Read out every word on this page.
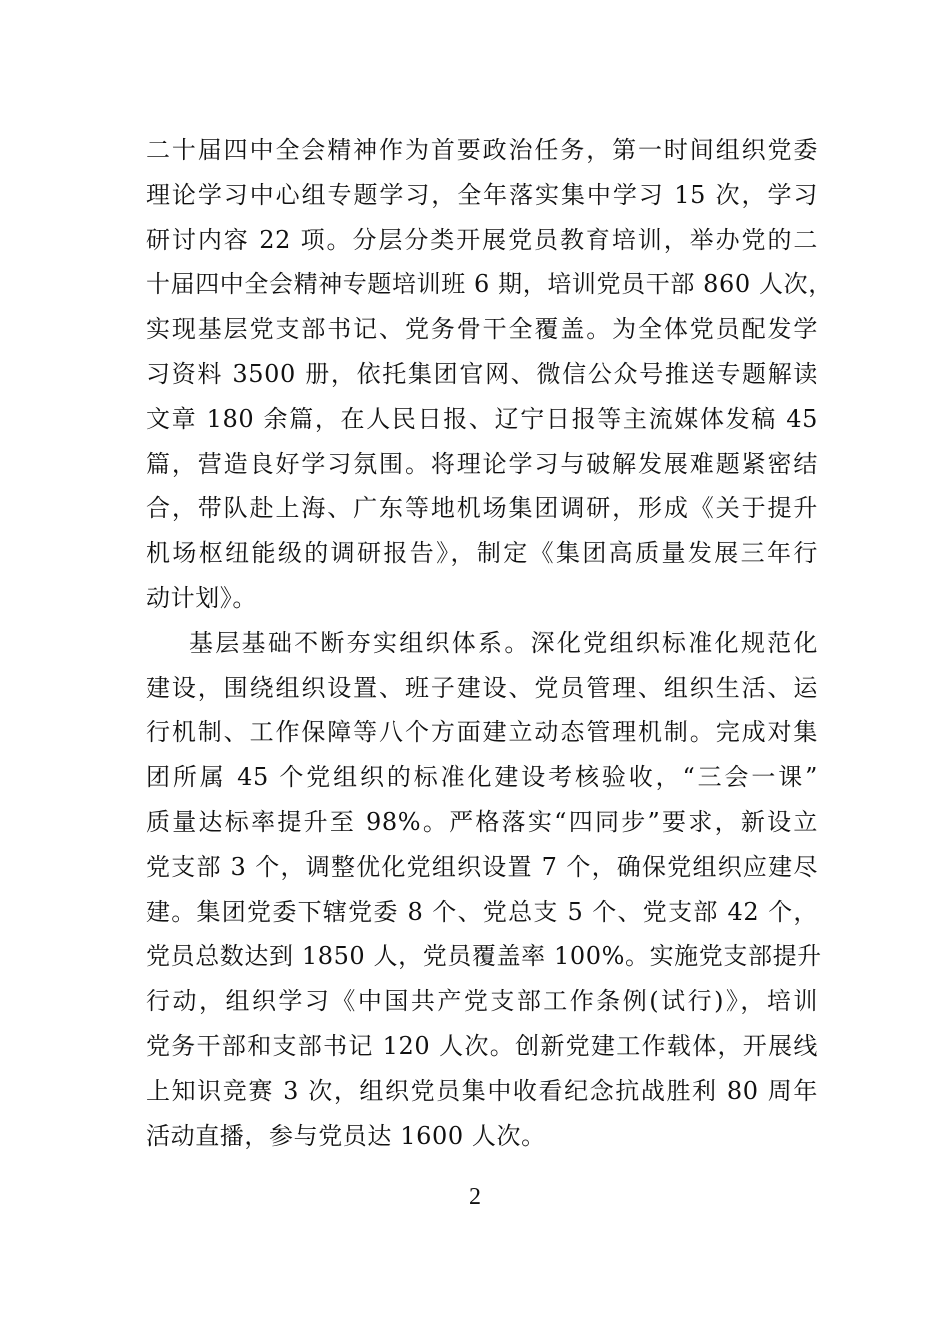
二十届四中全会精神作为首要政治任务，第一时间组织党委
理论学习中心组专题学习，全年落实集中学习 15 次，学习
研讨内容 22 项。分层分类开展党员教育培训，举办党的二
十届四中全会精神专题培训班 6 期，培训党员干部 860 人次，
实现基层党支部书记、党务骨干全覆盖。为全体党员配发学
习资料 3500 册，依托集团官网、微信公众号推送专题解读
文章 180 余篇，在人民日报、辽宁日报等主流媒体发稿 45
篇，营造良好学习氛围。将理论学习与破解发展难题紧密结
合，带队赴上海、广东等地机场集团调研，形成《关于提升
机场枢纽能级的调研报告》，制定《集团高质量发展三年行
动计划》。
基层基础不断夯实组织体系。深化党组织标准化规范化
建设，围绕组织设置、班子建设、党员管理、组织生活、运
行机制、工作保障等八个方面建立动态管理机制。完成对集
团所属 45 个党组织的标准化建设考核验收，“三会一课”
质量达标率提升至 98%。严格落实“四同步”要求，新设立
党支部 3 个，调整优化党组织设置 7 个，确保党组织应建尽
建。集团党委下辖党委 8 个、党总支 5 个、党支部 42 个，
党员总数达到 1850 人，党员覆盖率 100%。实施党支部提升
行动，组织学习《中国共产党支部工作条例(试行)》，培训
党务干部和支部书记 120 人次。创新党建工作载体，开展线
上知识竞赛 3 次，组织党员集中收看纪念抗战胜利 80 周年
活动直播，参与党员达 1600 人次。
2
